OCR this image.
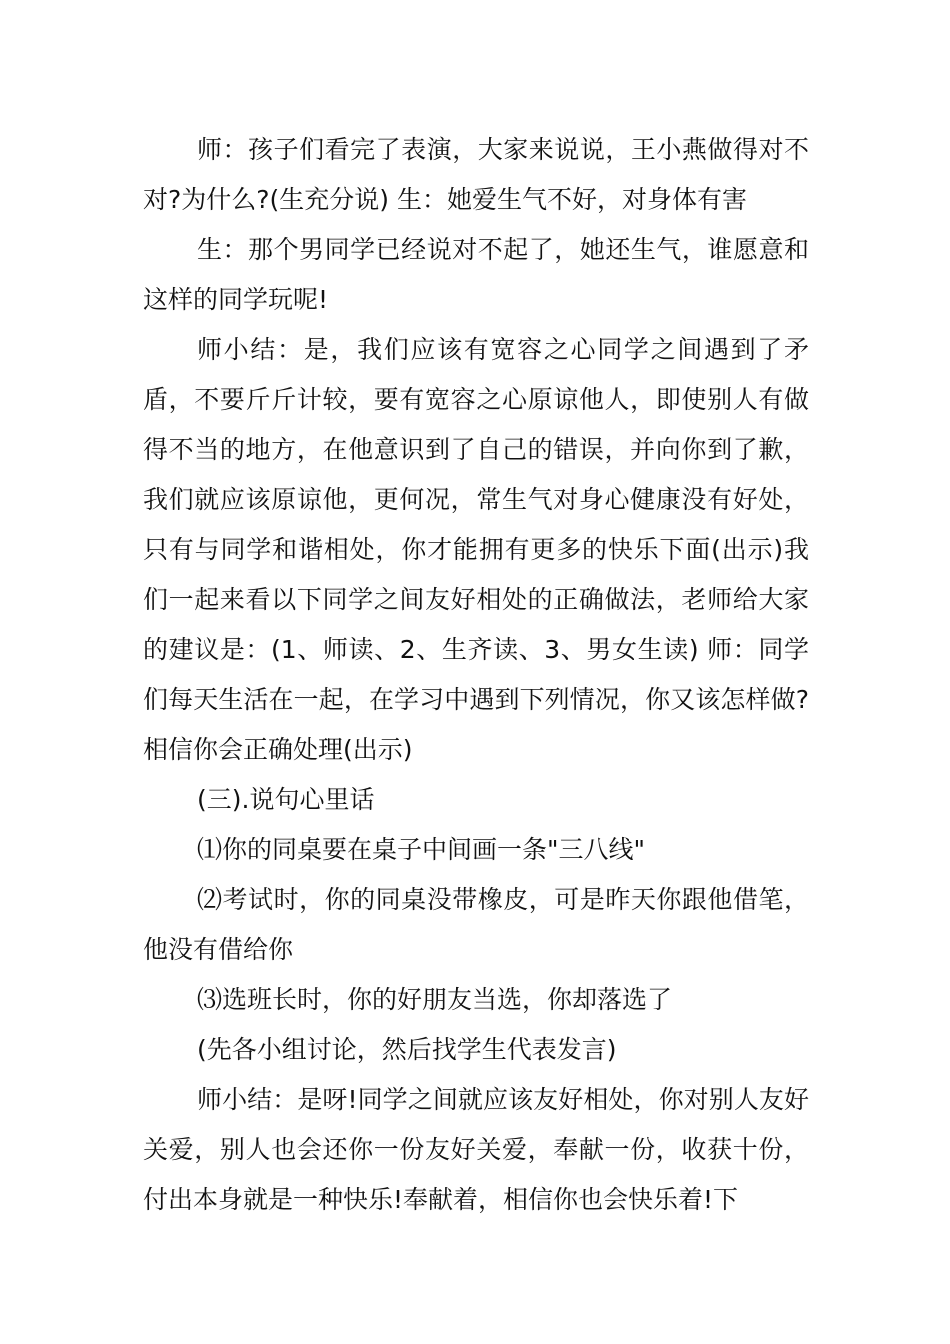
师：孩子们看完了表演，大家来说说，王小燕做得对不对?为什么?(生充分说) 生：她爱生气不好，对身体有害

生：那个男同学已经说对不起了，她还生气，谁愿意和这样的同学玩呢!

师小结：是，我们应该有宽容之心同学之间遇到了矛盾，不要斤斤计较，要有宽容之心原谅他人，即使别人有做得不当的地方，在他意识到了自己的错误，并向你到了歉，我们就应该原谅他，更何况，常生气对身心健康没有好处，只有与同学和谐相处，你才能拥有更多的快乐下面(出示)我们一起来看以下同学之间友好相处的正确做法，老师给大家的建议是：(1、师读、2、生齐读、3、男女生读) 师：同学们每天生活在一起，在学习中遇到下列情况，你又该怎样做?相信你会正确处理(出示)

(三).说句心里话

⑴你的同桌要在桌子中间画一条"三八线"

⑵考试时，你的同桌没带橡皮，可是昨天你跟他借笔，他没有借给你

⑶选班长时，你的好朋友当选，你却落选了

(先各小组讨论，然后找学生代表发言)

师小结：是呀!同学之间就应该友好相处，你对别人友好关爱，别人也会还你一份友好关爱，奉献一份，收获十份，付出本身就是一种快乐!奉献着，相信你也会快乐着!下
